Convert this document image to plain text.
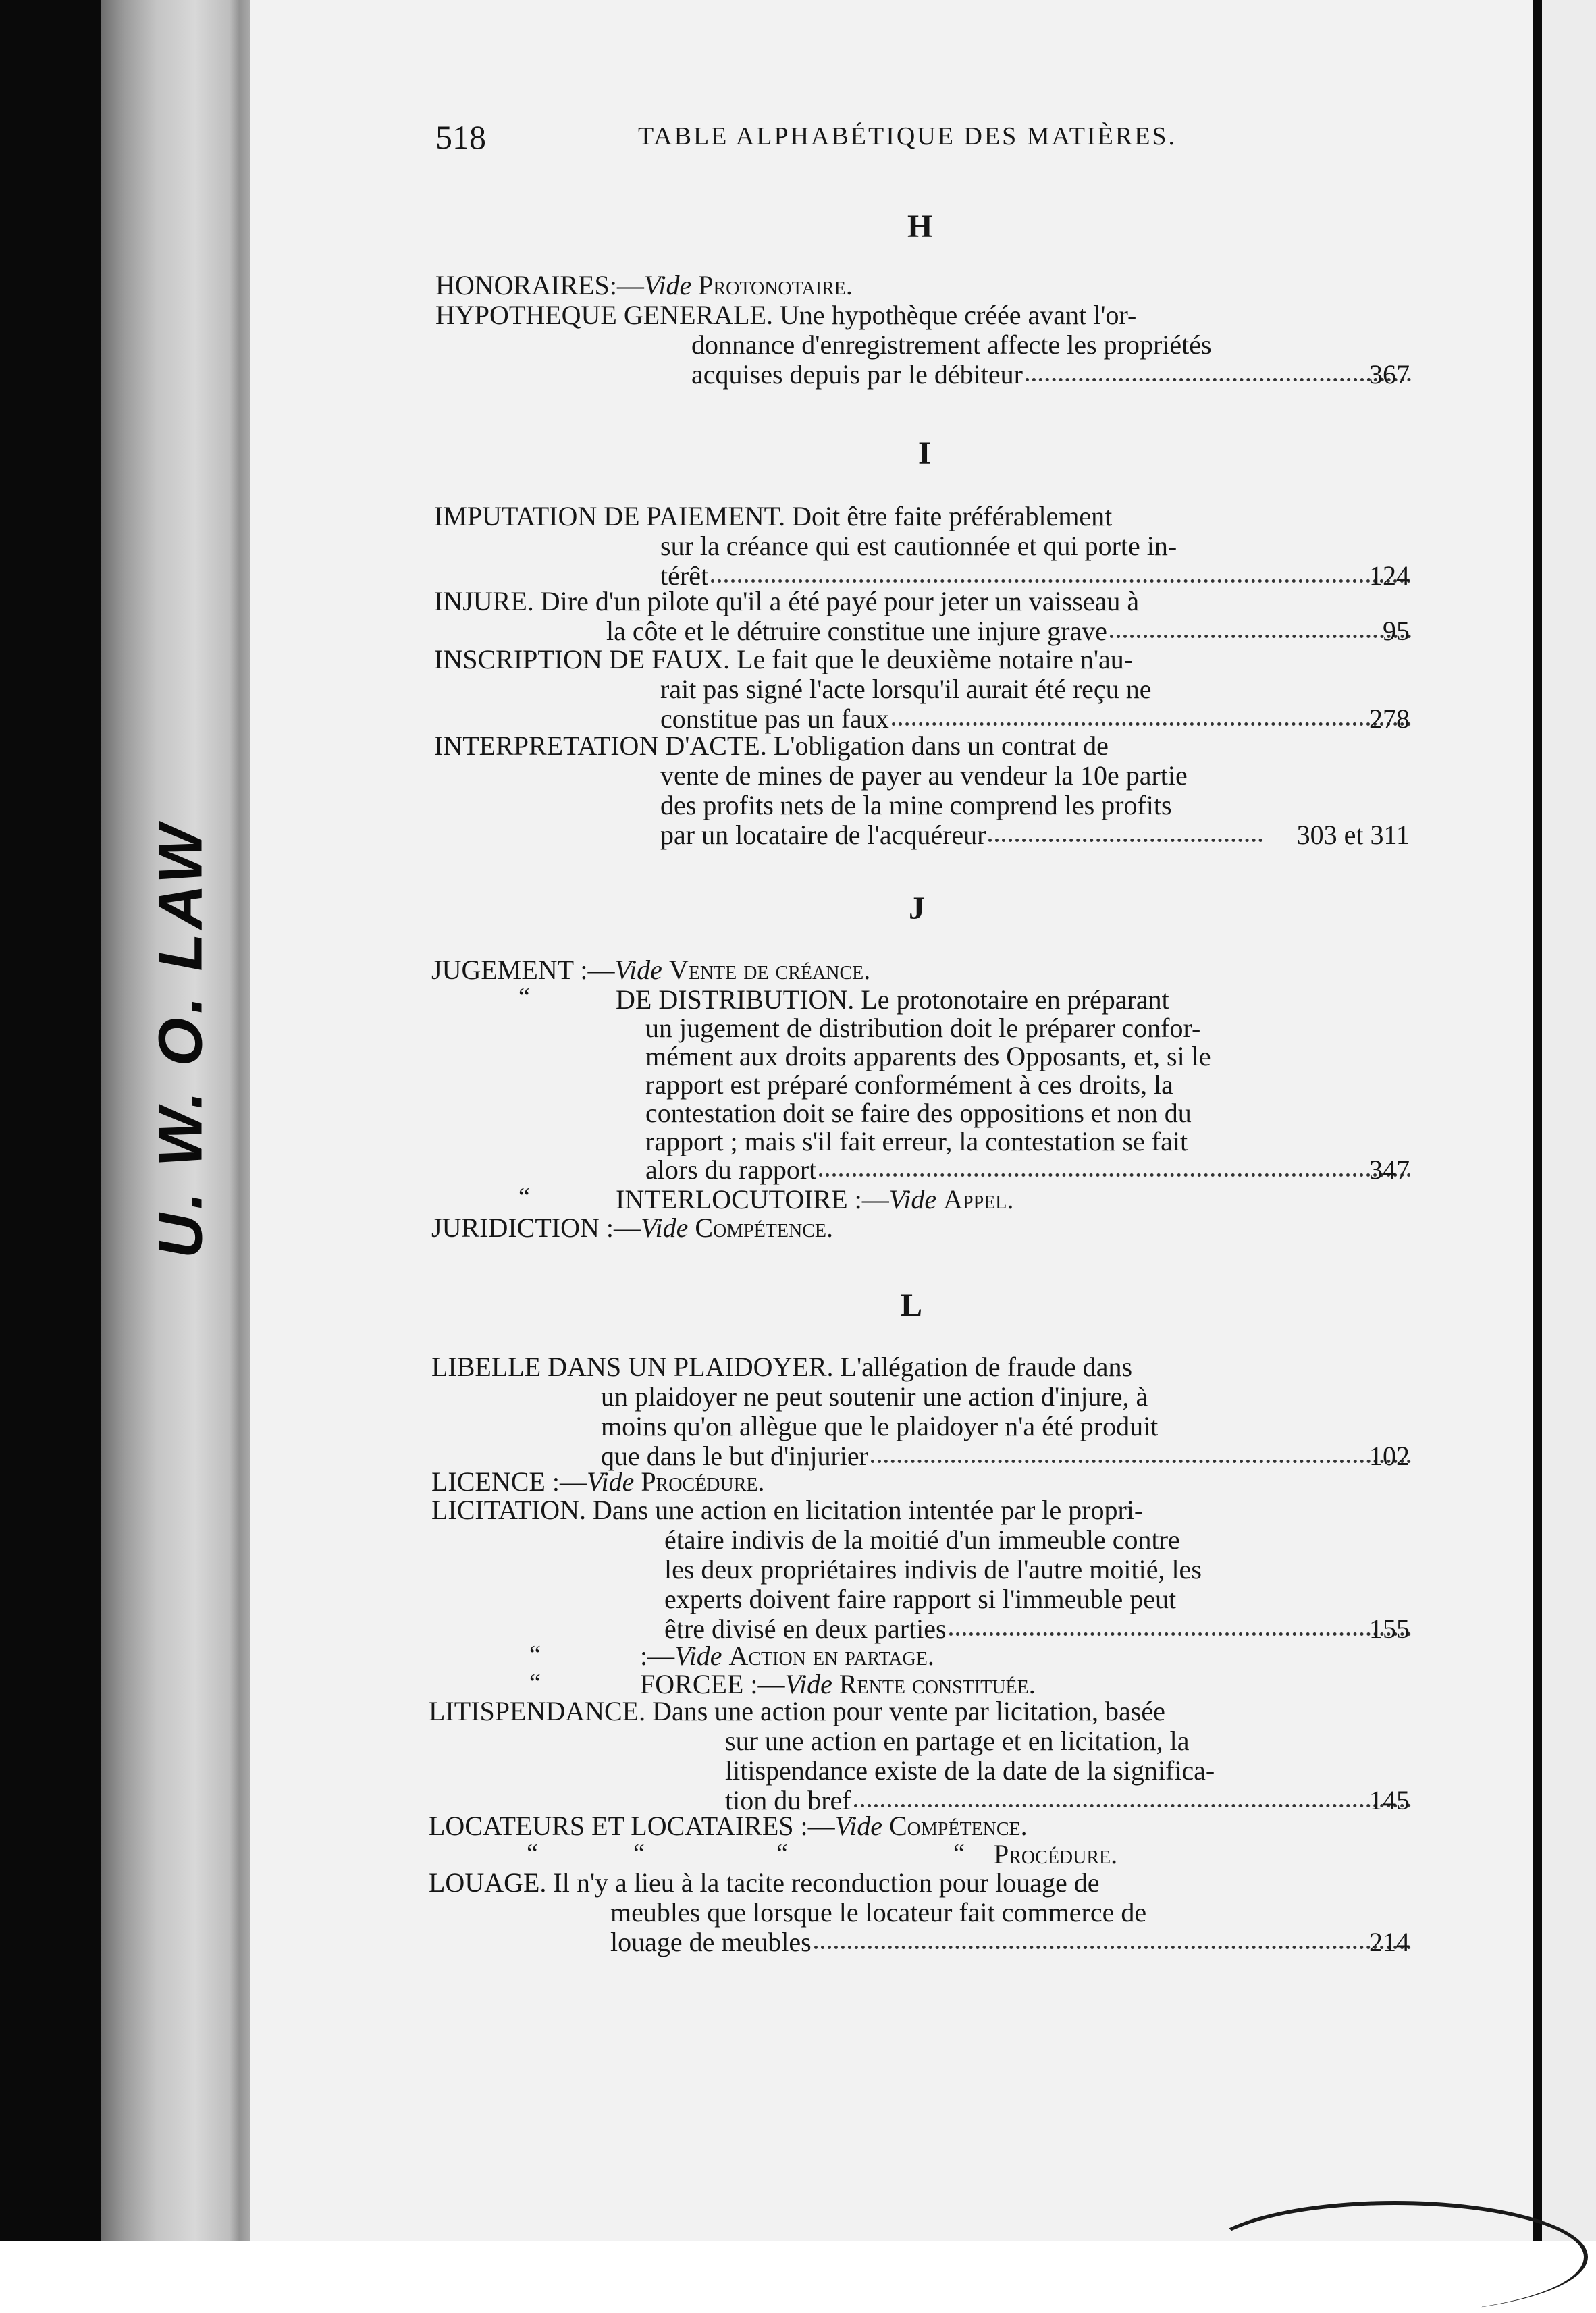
U. W. O. LAW
518	TABLE ALPHABÉTIQUE DES MATIÈRES.
H
HONORAIRES:—Vide Protonotaire.
HYPOTHEQUE GENERALE. Une hypothèque créée avant l'or-
donnance d'enregistrement affecte les propriétés
acquises depuis par le débiteur	367
I
IMPUTATION DE PAIEMENT. Doit être faite préférablement
sur la créance qui est cautionnée et qui porte in-
térêt	124
INJURE. Dire d'un pilote qu'il a été payé pour jeter un vaisseau à
la côte et le détruire constitue une injure grave	95
INSCRIPTION DE FAUX. Le fait que le deuxième notaire n'au-
rait pas signé l'acte lorsqu'il aurait été reçu ne
constitue pas un faux	278
INTERPRETATION D'ACTE. L'obligation dans un contrat de
vente de mines de payer au vendeur la 10e partie
des profits nets de la mine comprend les profits
par un locataire de l'acquéreur	303 et 311
J
JUGEMENT :—Vide Vente de créance.
“	DE DISTRIBUTION. Le protonotaire en préparant
un jugement de distribution doit le préparer confor-
mément aux droits apparents des Opposants, et, si le
rapport est préparé conformément à ces droits, la
contestation doit se faire des oppositions et non du
rapport ; mais s'il fait erreur, la contestation se fait
alors du rapport	347
“	INTERLOCUTOIRE :—Vide Appel.
JURIDICTION :—Vide Compétence.
L
LIBELLE DANS UN PLAIDOYER. L'allégation de fraude dans
un plaidoyer ne peut soutenir une action d'injure, à
moins qu'on allègue que le plaidoyer n'a été produit
que dans le but d'injurier	102
LICENCE :—Vide Procédure.
LICITATION. Dans une action en licitation intentée par le propri-
étaire indivis de la moitié d'un immeuble contre
les deux propriétaires indivis de l'autre moitié, les
experts doivent faire rapport si l'immeuble peut
être divisé en deux parties	155
“	:—Vide Action en partage.
“	FORCEE :—Vide Rente constituée.
LITISPENDANCE. Dans une action pour vente par licitation, basée
sur une action en partage et en licitation, la
litispendance existe de la date de la significa-
tion du bref	145
LOCATEURS ET LOCATAIRES :—Vide Compétence.
“	“	“	“ Procédure.
LOUAGE. Il n'y a lieu à la tacite reconduction pour louage de
meubles que lorsque le locateur fait commerce de
louage de meubles	214
